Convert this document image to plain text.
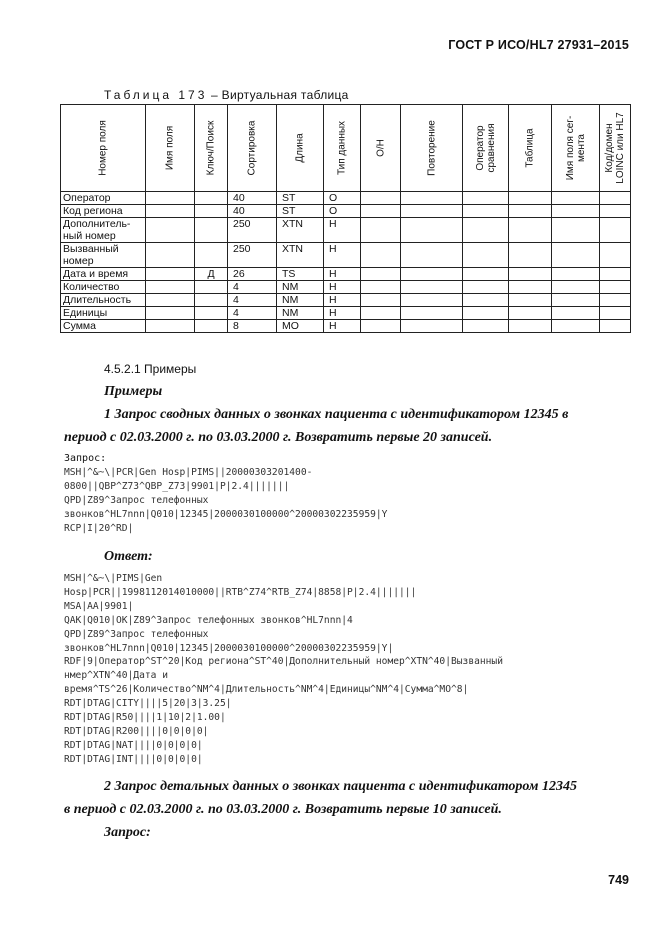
ГОСТ Р ИСО/HL7 27931–2015
Таблица 173 – Виртуальная таблица
Номер поля	Имя поля	Ключ/Поиск	Сортировка	Длина	Тип данных	О/Н	Повторение	Оператор сравнения	Таблица	Имя поля сег- мента	Код/домен LOINC или HL7

Оператор			40	ST	O						
Код региона			40	ST	O						
Дополнитель-
ный номер			250	XTN	Н						
Вызванный
номер			250	XTN	Н						
Дата и время		Д	26	TS	Н						
Количество			4	NM	Н						
Длительность			4	NM	Н						
Единицы			4	NM	Н						
Сумма			8	MO	Н						
4.5.2.1 Примеры
Примеры
1 Запрос сводных данных о звонках пациента с идентификатором 12345 в
период с 02.03.2000 г. по 03.03.2000 г. Возвратить первые 20 записей.
Запрос:
MSH|^&~\|PCR|Gen Hosp|PIMS||20000303201400-
0800||QBP^Z73^QBP_Z73|9901|P|2.4|||||||
QPD|Z89^Запрос телефонных
звонков^HL7nnn|Q010|12345|2000030100000^20000302235959|Y
RCP|I|20^RD|
Ответ:
MSH|^&~\|PIMS|Gen
Hosp|PCR||19981120140100​00||RTB^Z74^RTB_Z74|8858|P|2.4|||||||
MSA|AA|9901|
QAK|Q010|OK|Z89^Запрос телефонных звонков^HL7nnn|4
QPD|Z89^Запрос телефонных
звонков^HL7nnn|Q010|12345|2000030100000^20000302235959|Y|
RDF|9|Оператор^ST^20|Код региона^ST^40|Дополнительный номер^XTN^40|Вызванный
нмер^XTN^40|Дата и
время^TS^26|Количество^NM^4|Длительность^NM^4|Единицы^NM^4|Сумма^MO^8|
RDT|DTAG|CITY||||5|20|3|3.25|
RDT|DTAG|R50||||1|10|2|1.00|
RDT|DTAG|R200||||0|0|0|0|
RDT|DTAG|NAT||||0|0|0|0|
RDT|DTAG|INT||||0|0|0|0|
2 Запрос детальных данных о звонках пациента с идентификатором 12345
в период с 02.03.2000 г. по 03.03.2000 г. Возвратить первые 10 записей.
Запрос:
749
